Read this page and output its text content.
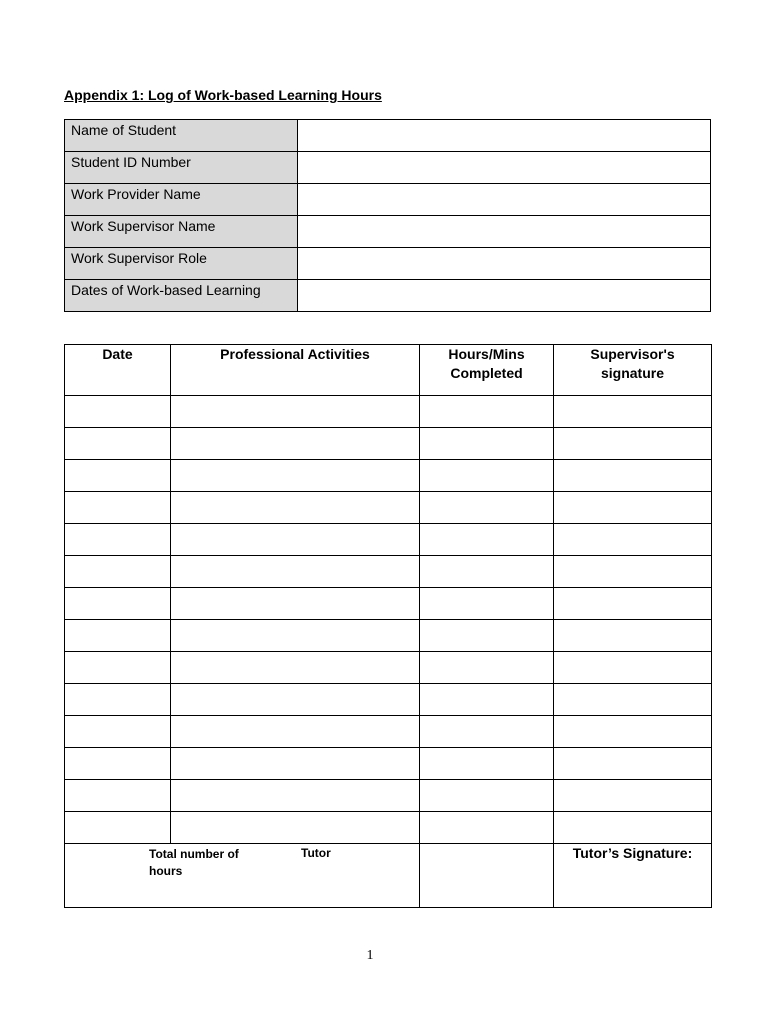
Appendix 1: Log of Work-based Learning Hours
Name of Student	
Student ID Number	
Work Provider Name	
Work Supervisor Name	
Work Supervisor Role	
Dates of Work-based Learning	
Date	Professional Activities	Hours/Mins Completed	Supervisor's signature

Total number of hours
Tutor			Tutor’s Signature:
1
